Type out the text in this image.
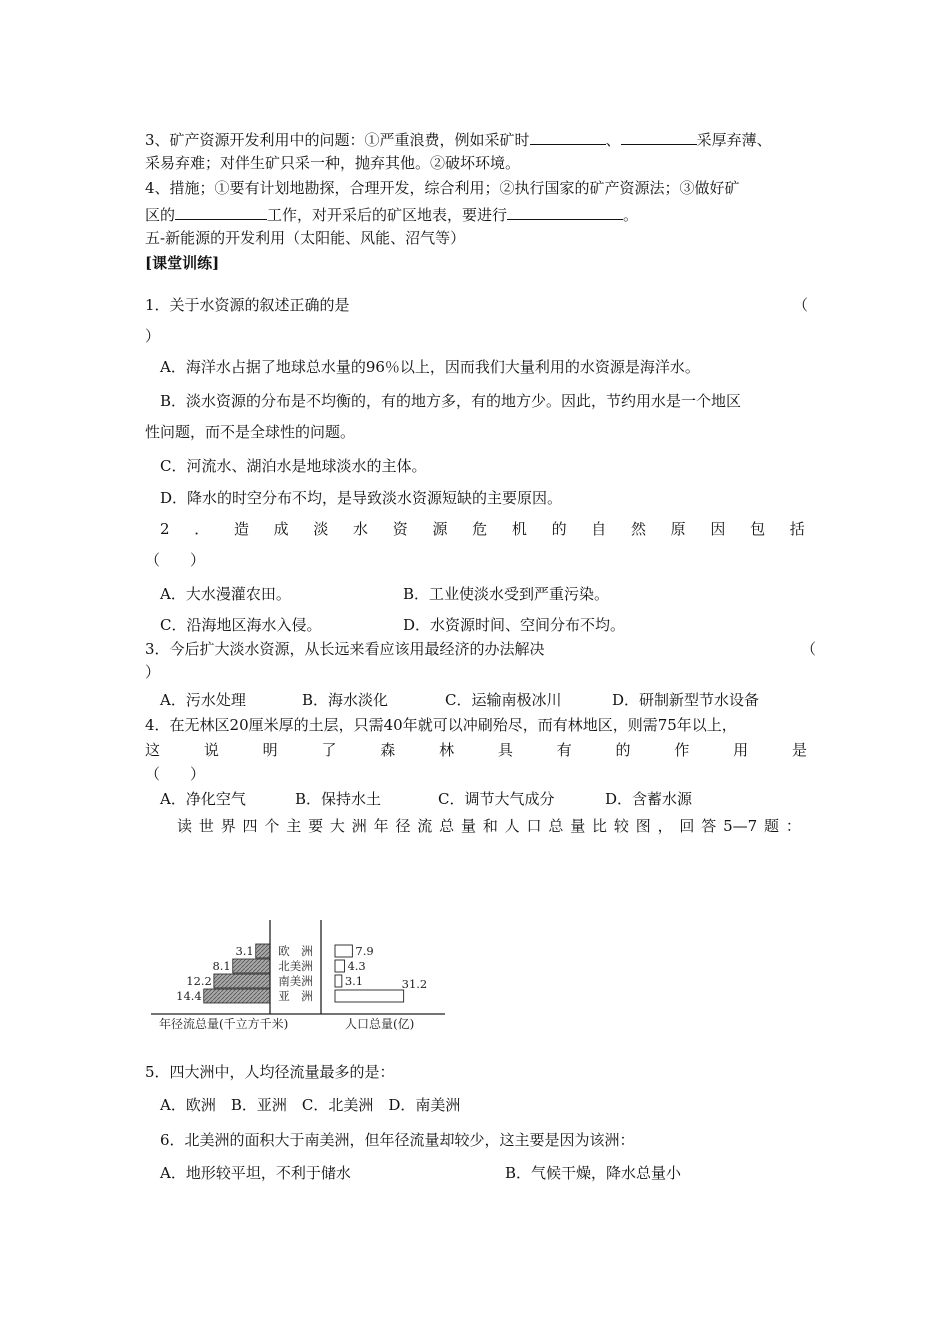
3、矿产资源开发利用中的问题：①严重浪费，例如采矿时	、	采厚弃薄、
采易弃难；对伴生矿只采一种，抛弃其他。②破坏环境。
4、措施；①要有计划地勘探，合理开发，综合利用；②执行国家的矿产资源法；③做好矿
区的	工作，对开采后的矿区地表，要进行	。
五-新能源的开发利用（太阳能、风能、沼气等）
[课堂训练]
1．关于水资源的叙述正确的是	（
）
A．海洋水占据了地球总水量的96％以上，因而我们大量利用的水资源是海洋水。
B．淡水资源的分布是不均衡的，有的地方多，有的地方少。因此，节约用水是一个地区
性问题，而不是全球性的问题。
C．河流水、湖泊水是地球淡水的主体。
D．降水的时空分布不均，是导致淡水资源短缺的主要原因。
2 ． 造 成 淡 水 资 源 危 机 的 自 然 原 因 包 括
（　　）
A．大水漫灌农田。	B．工业使淡水受到严重污染。
C．沿海地区海水入侵。	D．水资源时间、空间分布不均。
3．今后扩大淡水资源，从长远来看应该用最经济的办法解决	（
）
A．污水处理	B．海水淡化	C．运输南极冰川	D．研制新型节水设备
4．在无林区20厘米厚的土层，只需40年就可以冲刷殆尽，而有林地区，则需75年以上，
这	说	明	了	森	林	具	有	的	作	用	是
（　　）
A．净化空气	B．保持水土	C．调节大气成分	D．含蓄水源
读 世 界 四 个 主 要 大 洲 年 径 流 总 量 和 人 口 总 量 比 较 图 ， 回 答 5—7 题 ：
3.1	7.9
欧　洲
8.1	4.3
北美洲
12.2	3.1
南美洲
14.4
31.2
亚　洲
年径流总量(千立方千米)	人口总量(亿)
5．四大洲中，人均径流量最多的是：
A．欧洲　B．亚洲　C．北美洲　D．南美洲
6．北美洲的面积大于南美洲，但年径流量却较少，这主要是因为该洲：
A．地形较平坦，不利于储水	B．气候干燥，降水总量小
